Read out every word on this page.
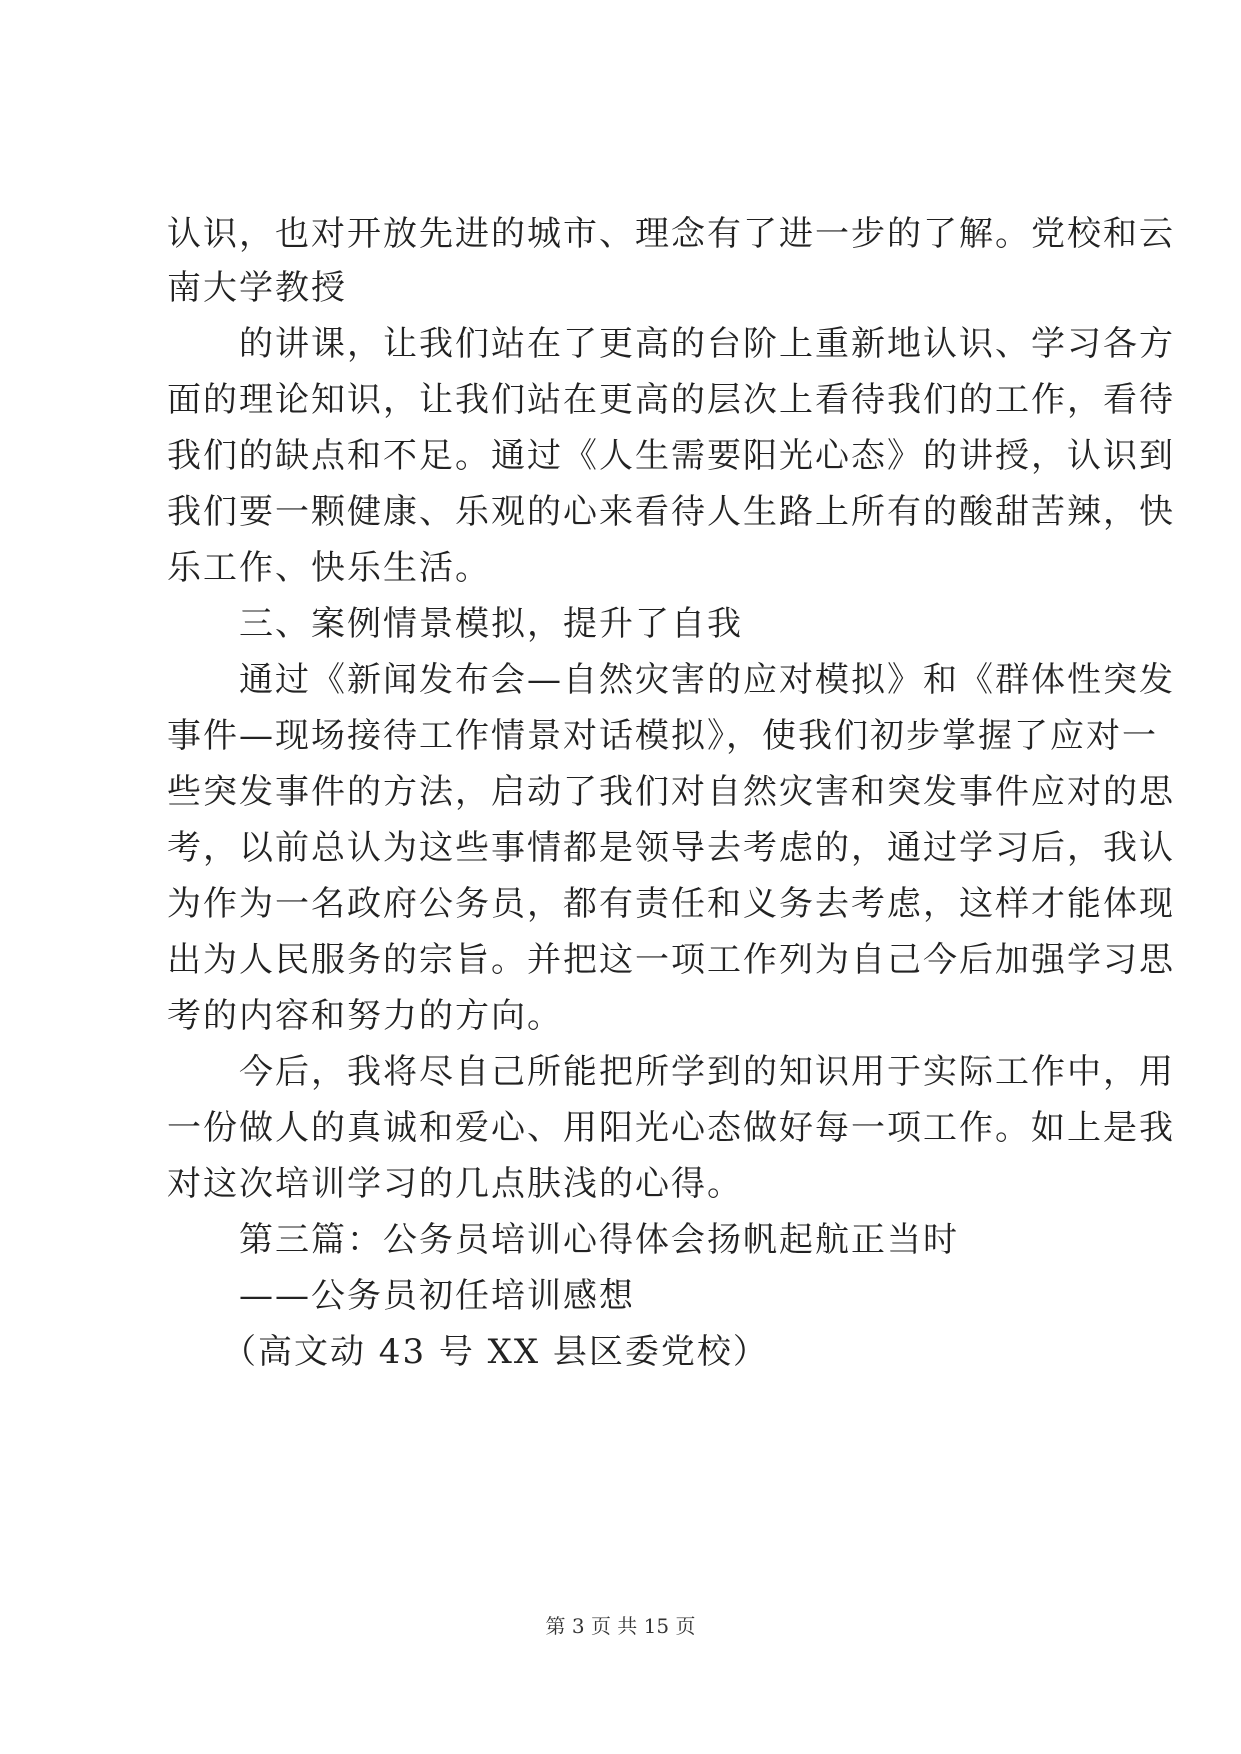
认识，也对开放先进的城市、理念有了进一步的了解。党校和云

南大学教授

　　的讲课，让我们站在了更高的台阶上重新地认识、学习各方

面的理论知识，让我们站在更高的层次上看待我们的工作，看待

我们的缺点和不足。通过《人生需要阳光心态》的讲授，认识到

我们要一颗健康、乐观的心来看待人生路上所有的酸甜苦辣，快

乐工作、快乐生活。

　　三、案例情景模拟，提升了自我

　　通过《新闻发布会—自然灾害的应对模拟》和《群体性突发

事件—现场接待工作情景对话模拟》，使我们初步掌握了应对一

些突发事件的方法，启动了我们对自然灾害和突发事件应对的思

考，以前总认为这些事情都是领导去考虑的，通过学习后，我认

为作为一名政府公务员，都有责任和义务去考虑，这样才能体现

出为人民服务的宗旨。并把这一项工作列为自己今后加强学习思

考的内容和努力的方向。

　　今后，我将尽自己所能把所学到的知识用于实际工作中，用

一份做人的真诚和爱心、用阳光心态做好每一项工作。如上是我

对这次培训学习的几点肤浅的心得。

　　第三篇：公务员培训心得体会扬帆起航正当时

　　——公务员初任培训感想

　　（高文动 43 号 XX 县区委党校）

第 3 页 共 15 页
